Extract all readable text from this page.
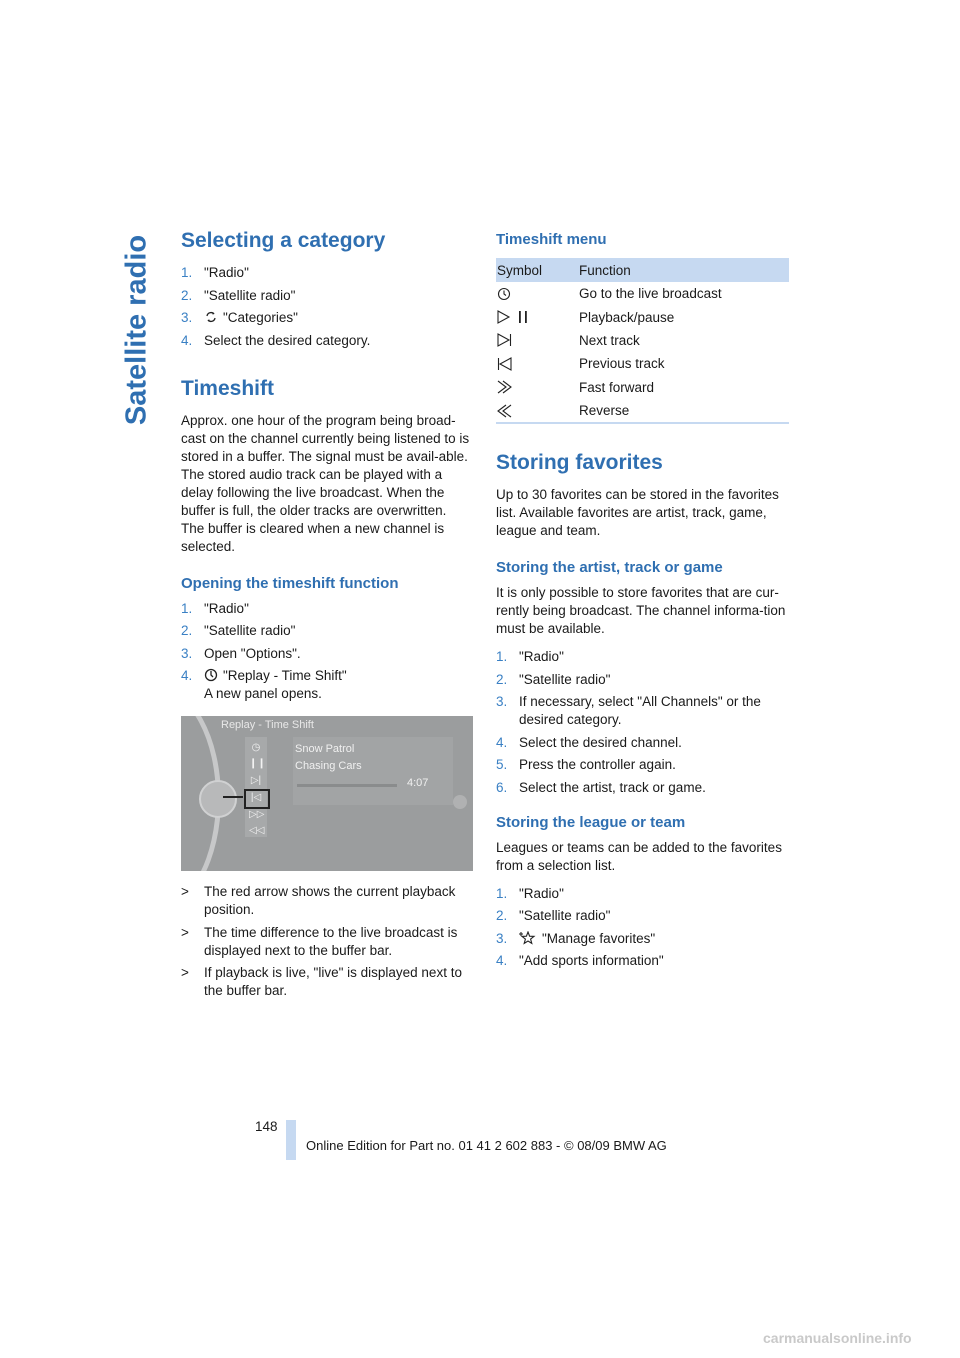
Satellite radio Selecting a category
1. "Radio"
2. "Satellite radio"
3. "Categories"
4. Select the desired category.
Timeshift

Approx. one hour of the program being broad-cast on the channel currently being listened to is stored in a buffer. The signal must be avail-able. The stored audio track can be played with a delay following the live broadcast. When the buffer is full, the older tracks are overwritten. The buffer is cleared when a new channel is selected.

Opening the timeshift function
1. "Radio"
2. "Satellite radio"
3. Open "Options".
4. "Replay - Time Shift"
A new panel opens.
Replay - Time Shift
◷
❙❙
▷|
|◁
▷▷
◁◁
Snow Patrol
Chasing Cars
4:07
> The red arrow shows the current playback position.
> The time difference to the live broadcast is displayed next to the buffer bar.
> If playback is live, "live" is displayed next to the buffer bar.
Timeshift menu
Symbol	Function

	Go to the live broadcast

	Playback/pause

	Next track

	Previous track

	Fast forward

	Reverse
Storing favorites

Up to 30 favorites can be stored in the favorites list. Available favorites are artist, track, game, league and team.

Storing the artist, track or game

It is only possible to store favorites that are cur-rently being broadcast. The channel informa-tion must be available.

1. "Radio"
2. "Satellite radio"
3. If necessary, select "All Channels" or the desired category.
4. Select the desired channel.
5. Press the controller again.
6. Select the artist, track or game.
Storing the league or team

Leagues or teams can be added to the favorites from a selection list.

1. "Radio"
2. "Satellite radio"
3.	"Manage favorites"
4. "Add sports information"
148
Online Edition for Part no. 01 41 2 602 883 - © 08/09 BMW AG
carmanualsonline.info
